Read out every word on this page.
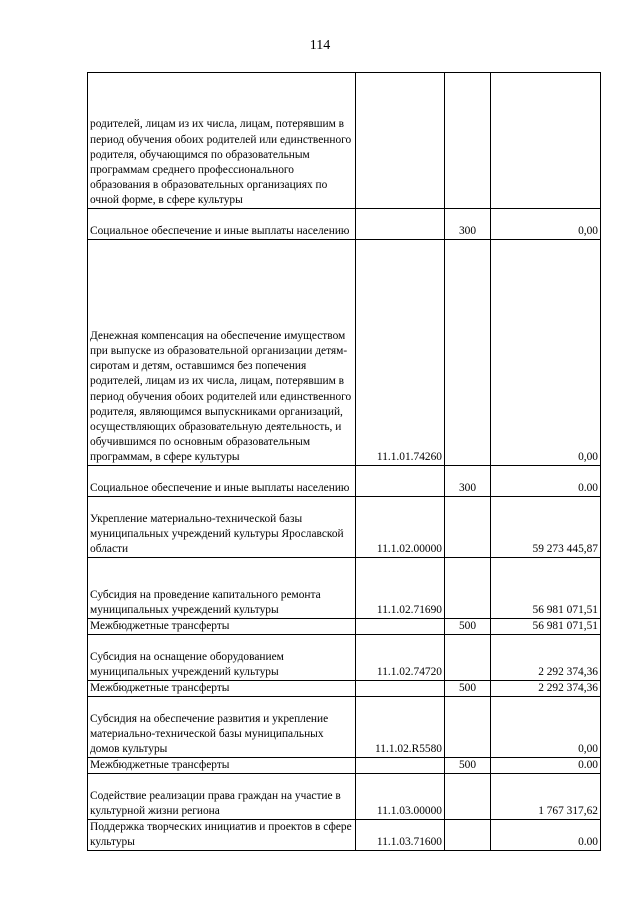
114
родителей, лицам из их числа, лицам, потерявшим в период обучения обоих родителей или единственного родителя, обучающимся по образовательным программам среднего профессионального образования в образовательных организациях по очной форме, в сфере культуры			
Социальное обеспечение и иные выплаты населению		300	0,00
Денежная компенсация на обеспечение имуществом при выпуске из образовательной организации детям-сиротам и детям, оставшимся без попечения родителей, лицам из их числа, лицам, потерявшим в период обучения обоих родителей или единственного родителя, являющимся выпускниками организаций, осуществляющих образовательную деятельность, и обучившимся по основным образовательным программам, в сфере культуры	11.1.01.74260		0,00
Социальное обеспечение и иные выплаты населению		300	0.00
Укрепление материально-технической базы муниципальных учреждений культуры Ярославской области	11.1.02.00000		59 273 445,87
Субсидия на проведение капитального ремонта муниципальных учреждений культуры	11.1.02.71690		56 981 071,51
Межбюджетные трансферты		500	56 981 071,51
Субсидия на оснащение оборудованием муниципальных учреждений культуры	11.1.02.74720		2 292 374,36
Межбюджетные трансферты		500	2 292 374,36
Субсидия на обеспечение развития и укрепление материально-технической базы муниципальных домов культуры	11.1.02.R5580		0,00
Межбюджетные трансферты		500	0.00
Содействие реализации права граждан на участие в культурной жизни региона	11.1.03.00000		1 767 317,62
Поддержка творческих инициатив и проектов в сфере культуры	11.1.03.71600		0.00
